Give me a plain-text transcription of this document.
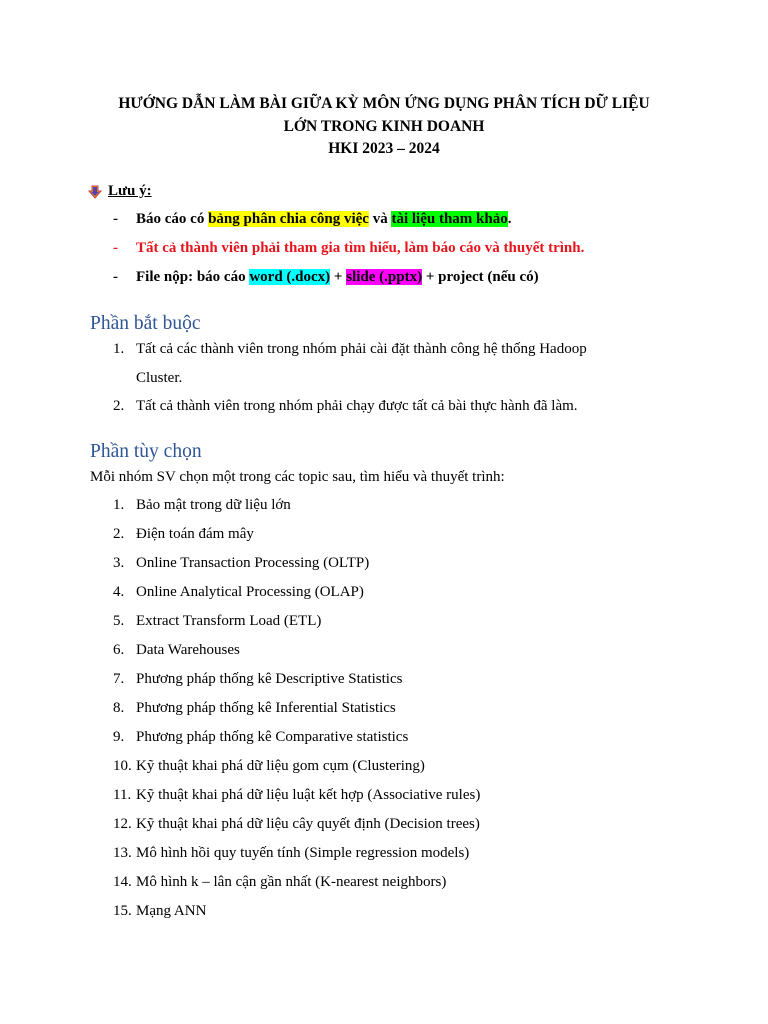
HƯỚNG DẪN LÀM BÀI GIỮA KỲ MÔN ỨNG DỤNG PHÂN TÍCH DỮ LIỆU
LỚN TRONG KINH DOANH
HKI 2023 – 2024
Lưu ý:
-	Báo cáo có bảng phân chia công việc và tài liệu tham khảo.
-	Tất cả thành viên phải tham gia tìm hiểu, làm báo cáo và thuyết trình.
-	File nộp: báo cáo word (.docx) + slide (.pptx) + project (nếu có)
Phần bắt buộc
1. Tất cả các thành viên trong nhóm phải cài đặt thành công hệ thống Hadoop
Cluster.
2. Tất cả thành viên trong nhóm phải chạy được tất cả bài thực hành đã làm.
Phần tùy chọn
Mỗi nhóm SV chọn một trong các topic sau, tìm hiểu và thuyết trình:
1. Bảo mật trong dữ liệu lớn
2. Điện toán đám mây
3. Online Transaction Processing (OLTP)
4. Online Analytical Processing (OLAP)
5. Extract Transform Load (ETL)
6. Data Warehouses
7. Phương pháp thống kê Descriptive Statistics
8. Phương pháp thống kê Inferential Statistics
9. Phương pháp thống kê Comparative statistics
10. Kỹ thuật khai phá dữ liệu gom cụm (Clustering)
11. Kỹ thuật khai phá dữ liệu luật kết hợp (Associative rules)
12. Kỹ thuật khai phá dữ liệu cây quyết định (Decision trees)
13. Mô hình hồi quy tuyến tính (Simple regression models)
14. Mô hình k – lân cận gần nhất (K-nearest neighbors)
15. Mạng ANN
